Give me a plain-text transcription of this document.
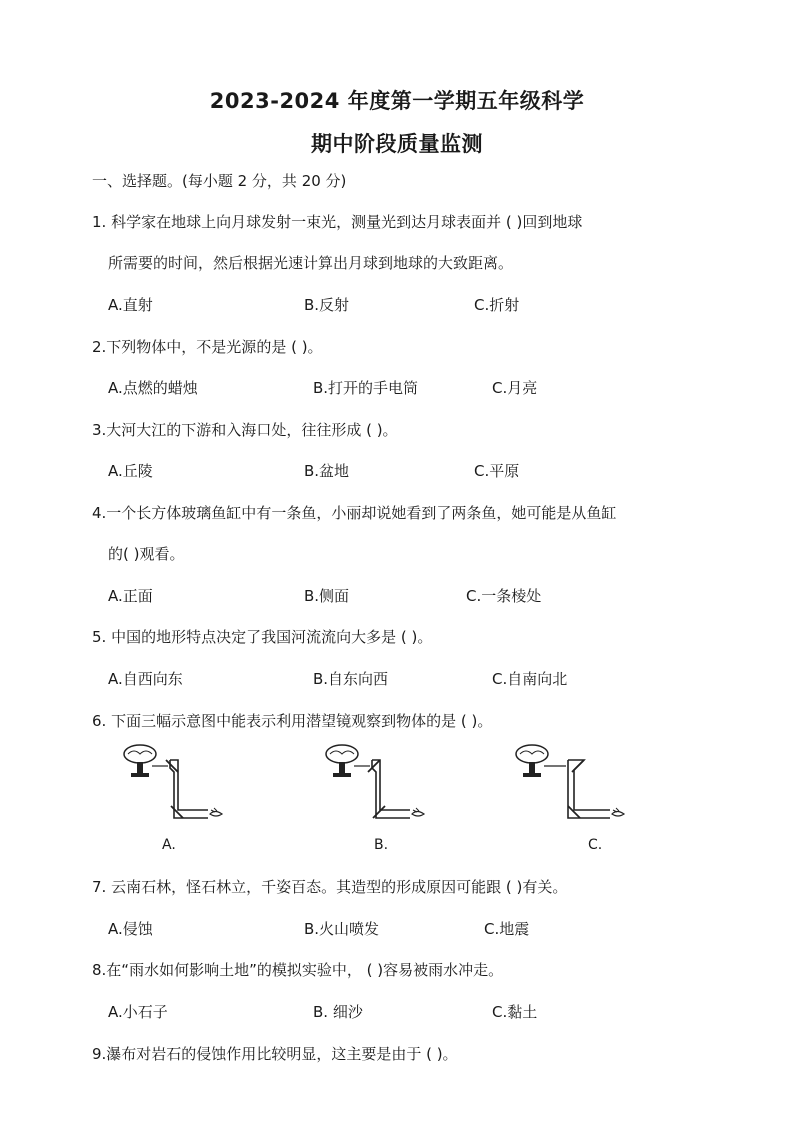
2023-2024 年度第一学期五年级科学
期中阶段质量监测
一、选择题。(每小题 2 分，共 20 分)
1. 科学家在地球上向月球发射一束光，测量光到达月球表面并 ( )回到地球
所需要的时间，然后根据光速计算出月球到地球的大致距离。
A.直射	B.反射	C.折射
2.下列物体中，不是光源的是 ( )。
A.点燃的蜡烛	B.打开的手电筒	C.月亮
3.大河大江的下游和入海口处，往往形成 ( )。
A.丘陵	B.盆地	C.平原
4.一个长方体玻璃鱼缸中有一条鱼，小丽却说她看到了两条鱼，她可能是从鱼缸
的( )观看。
A.正面	B.侧面	C.一条棱处
5. 中国的地形特点决定了我国河流流向大多是 ( )。
A.自西向东	B.自东向西	C.自南向北
6. 下面三幅示意图中能表示利用潜望镜观察到物体的是 ( )。
A.	B.	C.
7. 云南石林，怪石林立，千姿百态。其造型的形成原因可能跟 ( )有关。
A.侵蚀	B.火山喷发	C.地震
8.在“雨水如何影响土地”的模拟实验中， ( )容易被雨水冲走。
A.小石子	B. 细沙	C.黏土
9.瀑布对岩石的侵蚀作用比较明显，这主要是由于 ( )。
